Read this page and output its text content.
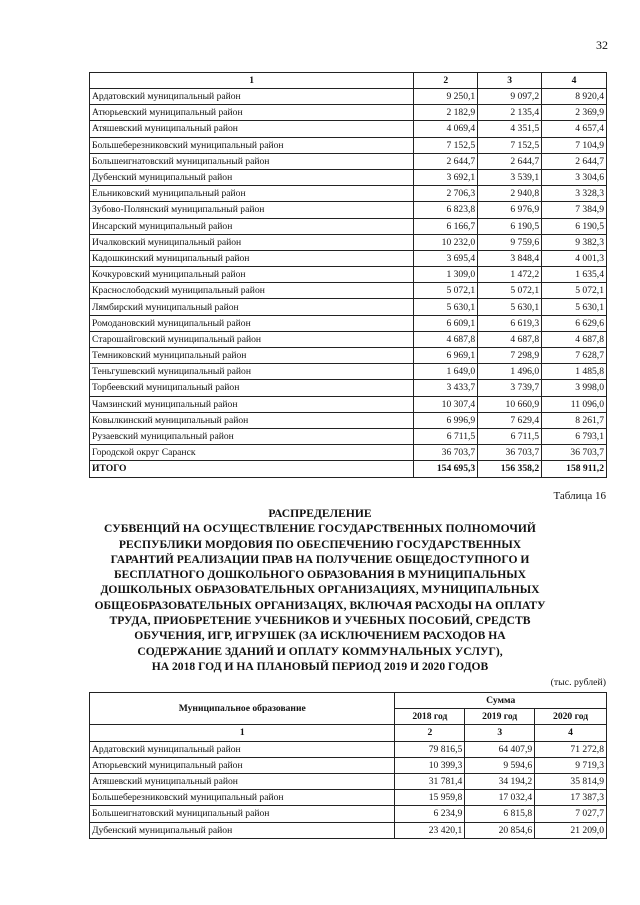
32
1	2	3	4
Ардатовский муниципальный район	9 250,1	9 097,2	8 920,4
Атюрьевский муниципальный район	2 182,9	2 135,4	2 369,9
Атяшевский муниципальный район	4 069,4	4 351,5	4 657,4
Большеберезниковский муниципальный район	7 152,5	7 152,5	7 104,9
Большеигнатовский муниципальный район	2 644,7	2 644,7	2 644,7
Дубенский муниципальный район	3 692,1	3 539,1	3 304,6
Ельниковский муниципальный район	2 706,3	2 940,8	3 328,3
Зубово-Полянский муниципальный район	6 823,8	6 976,9	7 384,9
Инсарский муниципальный район	6 166,7	6 190,5	6 190,5
Ичалковский муниципальный район	10 232,0	9 759,6	9 382,3
Кадошкинский муниципальный район	3 695,4	3 848,4	4 001,3
Кочкуровский муниципальный район	1 309,0	1 472,2	1 635,4
Краснослободский муниципальный район	5 072,1	5 072,1	5 072,1
Лямбирский муниципальный район	5 630,1	5 630,1	5 630,1
Ромодановский муниципальный район	6 609,1	6 619,3	6 629,6
Старошайговский муниципальный район	4 687,8	4 687,8	4 687,8
Темниковский муниципальный район	6 969,1	7 298,9	7 628,7
Теньгушевский муниципальный район	1 649,0	1 496,0	1 485,8
Торбеевский муниципальный район	3 433,7	3 739,7	3 998,0
Чамзинский муниципальный район	10 307,4	10 660,9	11 096,0
Ковылкинский муниципальный район	6 996,9	7 629,4	8 261,7
Рузаевский муниципальный район	6 711,5	6 711,5	6 793,1
Городской округ Саранск	36 703,7	36 703,7	36 703,7
ИТОГО	154 695,3	156 358,2	158 911,2
Таблица 16
РАСПРЕДЕЛЕНИЕ
СУБВЕНЦИЙ НА ОСУЩЕСТВЛЕНИЕ ГОСУДАРСТВЕННЫХ ПОЛНОМОЧИЙ
РЕСПУБЛИКИ МОРДОВИЯ ПО ОБЕСПЕЧЕНИЮ ГОСУДАРСТВЕННЫХ
ГАРАНТИЙ РЕАЛИЗАЦИИ ПРАВ НА ПОЛУЧЕНИЕ ОБЩЕДОСТУПНОГО И
БЕСПЛАТНОГО ДОШКОЛЬНОГО ОБРАЗОВАНИЯ В МУНИЦИПАЛЬНЫХ
ДОШКОЛЬНЫХ ОБРАЗОВАТЕЛЬНЫХ ОРГАНИЗАЦИЯХ, МУНИЦИПАЛЬНЫХ
ОБЩЕОБРАЗОВАТЕЛЬНЫХ ОРГАНИЗАЦЯХ, ВКЛЮЧАЯ РАСХОДЫ НА ОПЛАТУ
ТРУДА, ПРИОБРЕТЕНИЕ УЧЕБНИКОВ И УЧЕБНЫХ ПОСОБИЙ, СРЕДСТВ
ОБУЧЕНИЯ, ИГР, ИГРУШЕК (ЗА ИСКЛЮЧЕНИЕМ РАСХОДОВ НА
СОДЕРЖАНИЕ ЗДАНИЙ И ОПЛАТУ КОММУНАЛЬНЫХ УСЛУГ),
НА 2018 ГОД И НА ПЛАНОВЫЙ ПЕРИОД 2019 И 2020 ГОДОВ
(тыс. рублей)
Муниципальное образование	Сумма		
	2018 год	2019 год	2020 год
1	2	3	4
Ардатовский муниципальный район	79 816,5	64 407,9	71 272,8
Атюрьевский муниципальный район	10 399,3	9 594,6	9 719,3
Атяшевский муниципальный район	31 781,4	34 194,2	35 814,9
Большеберезниковский муниципальный район	15 959,8	17 032,4	17 387,3
Большеигнатовский муниципальный район	6 234,9	6 815,8	7 027,7
Дубенский муниципальный район	23 420,1	20 854,6	21 209,0
